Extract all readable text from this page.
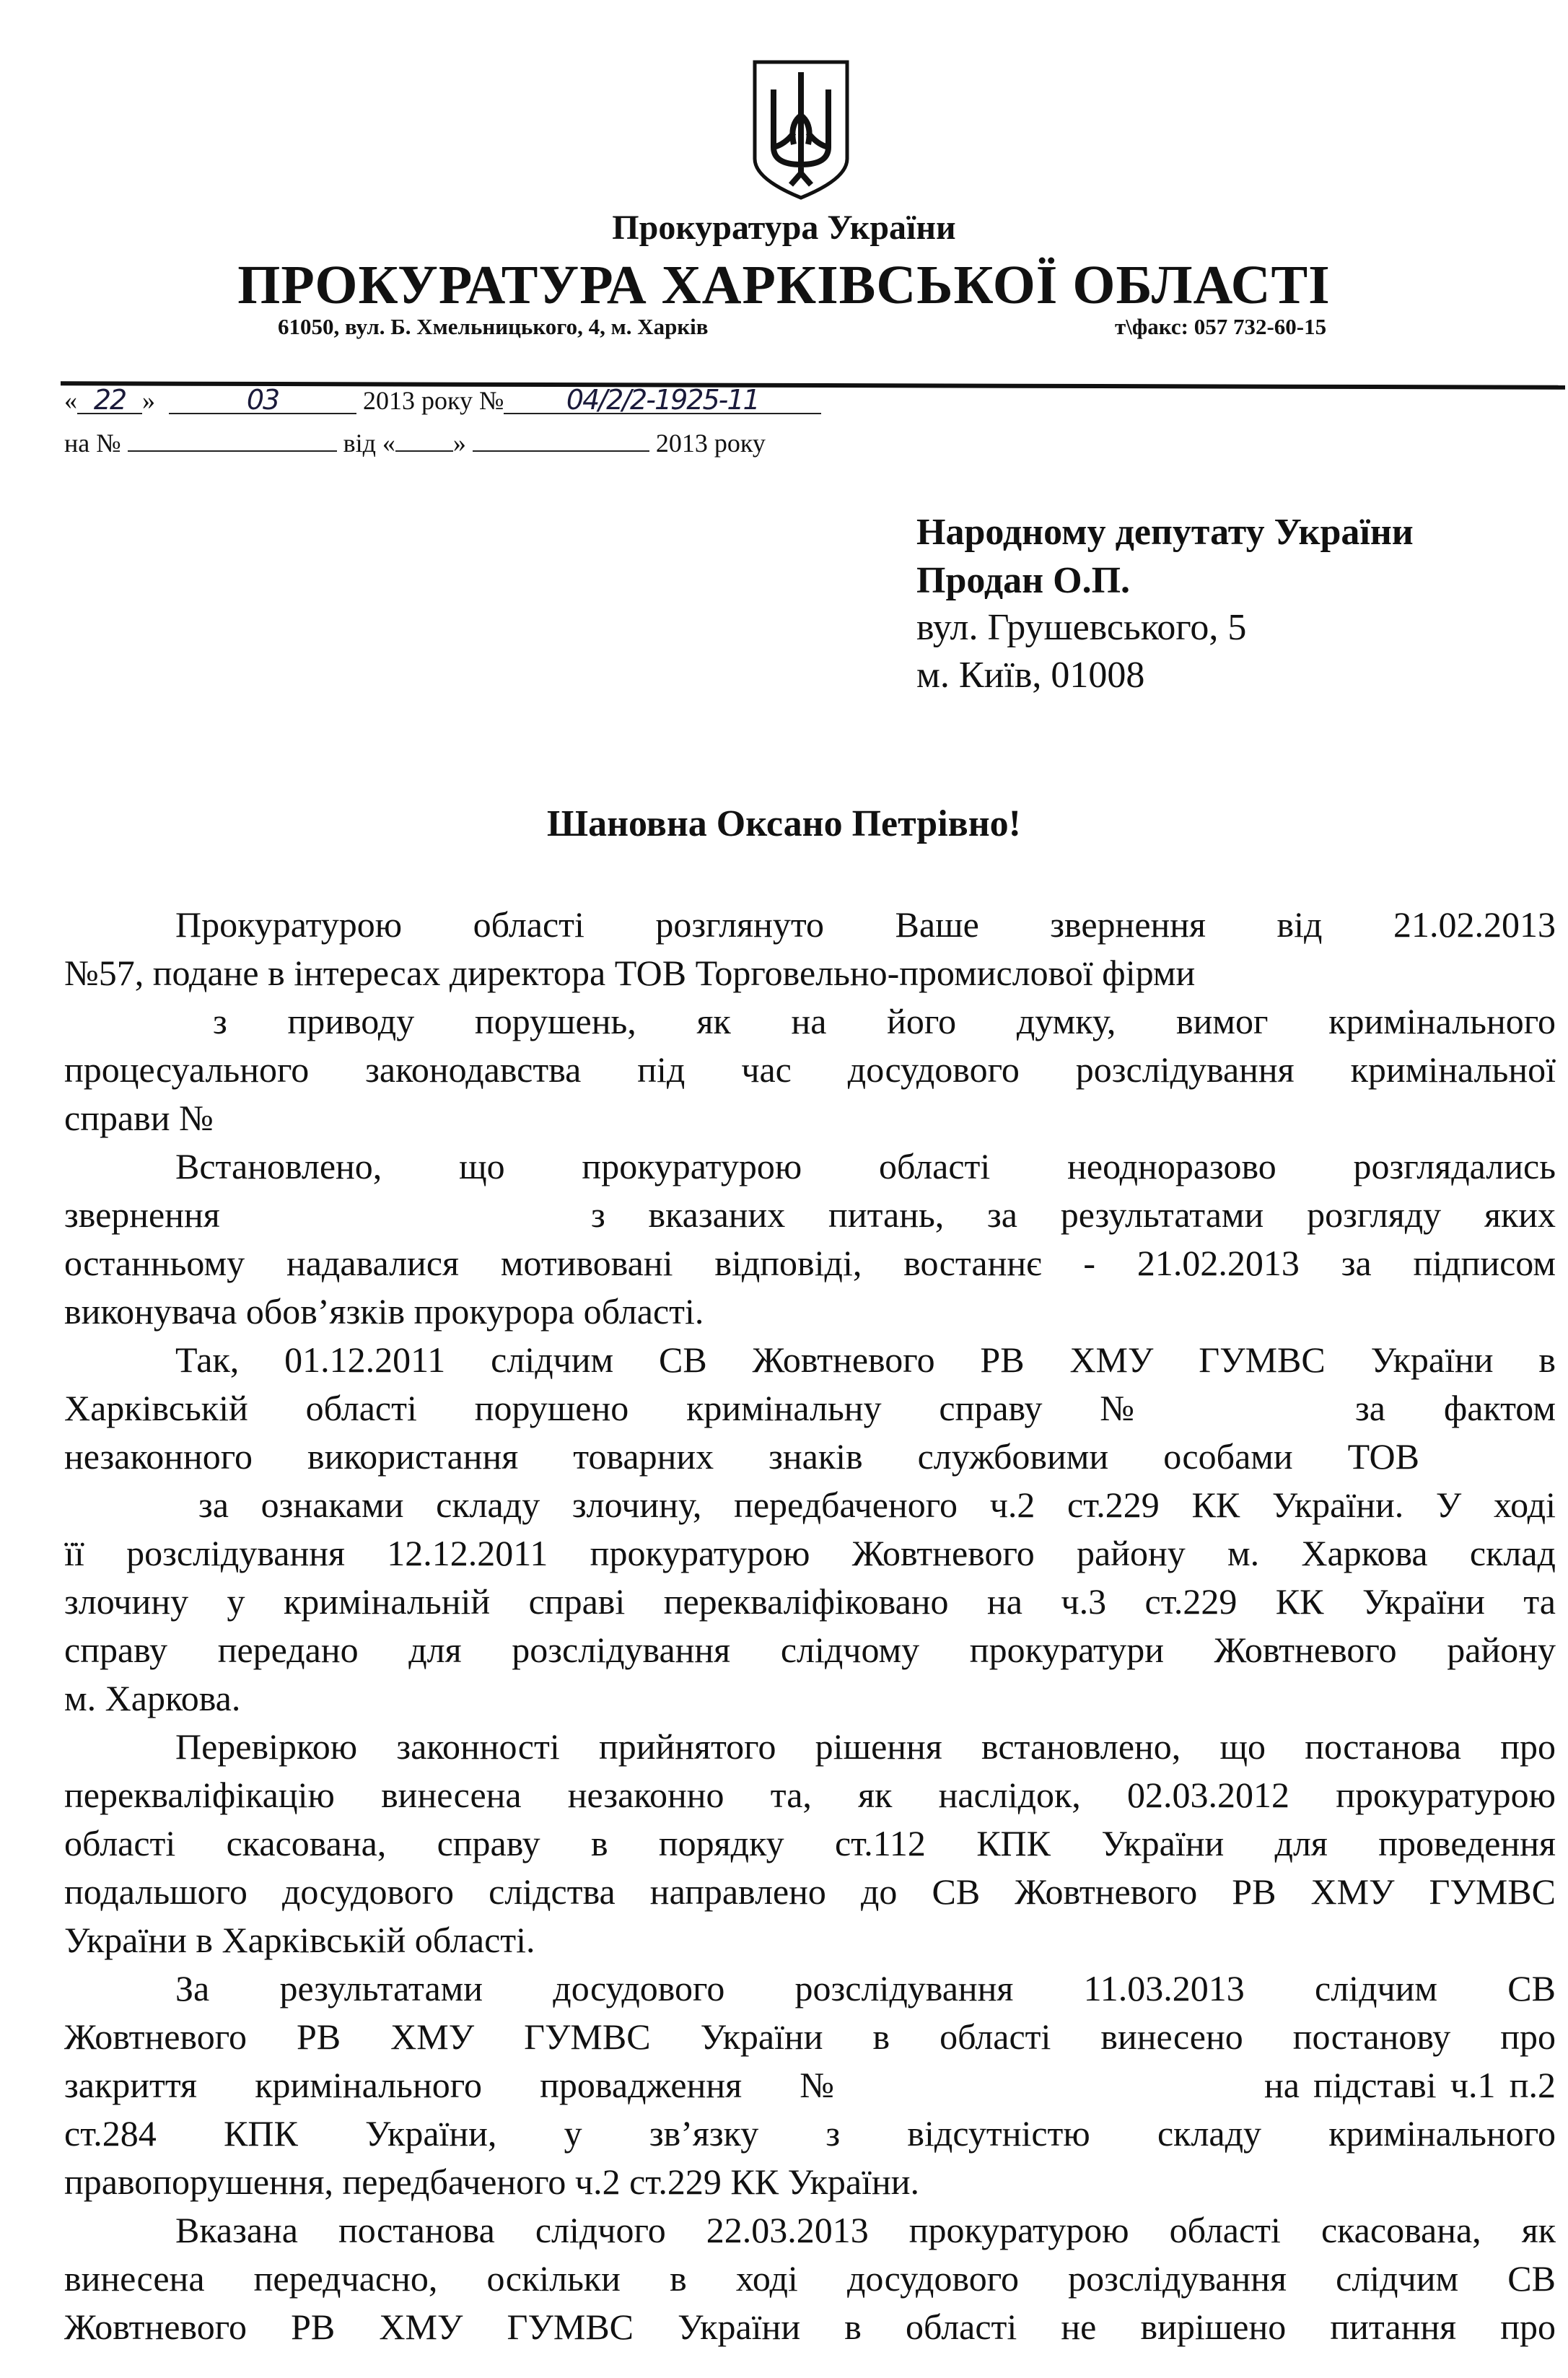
Прокуратура України
ПРОКУРАТУРА ХАРКІВСЬКОЇ ОБЛАСТІ
61050, вул. Б. Хмельницького, 4, м. Харків	т\факс: 057 732-60-15
« 22 »	03	2013 року № 04/2/2-1925-11
на №	від « »	2013 року
Народному депутату України
Продан О.П.
вул. Грушевського, 5
м. Київ, 01008
Шановна Оксано Петрівно!
Прокуратурою області розглянуто Ваше звернення від 21.02.2013
№57, подане в інтересах директора ТОВ Торговельно-промислової фірми
з приводу порушень, як на його думку, вимог кримінального
процесуального законодавства під час досудового розслідування кримінальної
справи №
Встановлено, що прокуратурою області неодноразово розглядались
звернення	з вказаних питань, за результатами розгляду яких
останньому надавалися мотивовані відповіді, востаннє - 21.02.2013 за підписом
виконувача обов’язків прокурора області.
Так, 01.12.2011 слідчим СВ Жовтневого РВ ХМУ ГУМВС України в
Харківській області порушено кримінальну справу №	за фактом
незаконного використання товарних знаків службовими особами ТОВ
за ознаками складу злочину, передбаченого ч.2 ст.229 КК України. У ході
її розслідування 12.12.2011 прокуратурою Жовтневого району м. Харкова склад
злочину у кримінальній справі перекваліфіковано на ч.3 ст.229 КК України та
справу передано для розслідування слідчому прокуратури Жовтневого району
м. Харкова.
Перевіркою законності прийнятого рішення встановлено, що постанова про
перекваліфікацію винесена незаконно та, як наслідок, 02.03.2012 прокуратурою
області скасована, справу в порядку ст.112 КПК України для проведення
подальшого досудового слідства направлено до СВ Жовтневого РВ ХМУ ГУМВС
України в Харківській області.
За результатами досудового розслідування 11.03.2013 слідчим СВ
Жовтневого РВ ХМУ ГУМВС України в області винесено постанову про
закриття кримінального провадження №	на підставі ч.1 п.2
ст.284 КПК України, у зв’язку з відсутністю складу кримінального
правопорушення, передбаченого ч.2 ст.229 КК України.
Вказана постанова слідчого 22.03.2013 прокуратурою області скасована, як
винесена передчасно, оскільки в ході досудового розслідування слідчим СВ
Жовтневого РВ ХМУ ГУМВС України в області не вирішено питання про
